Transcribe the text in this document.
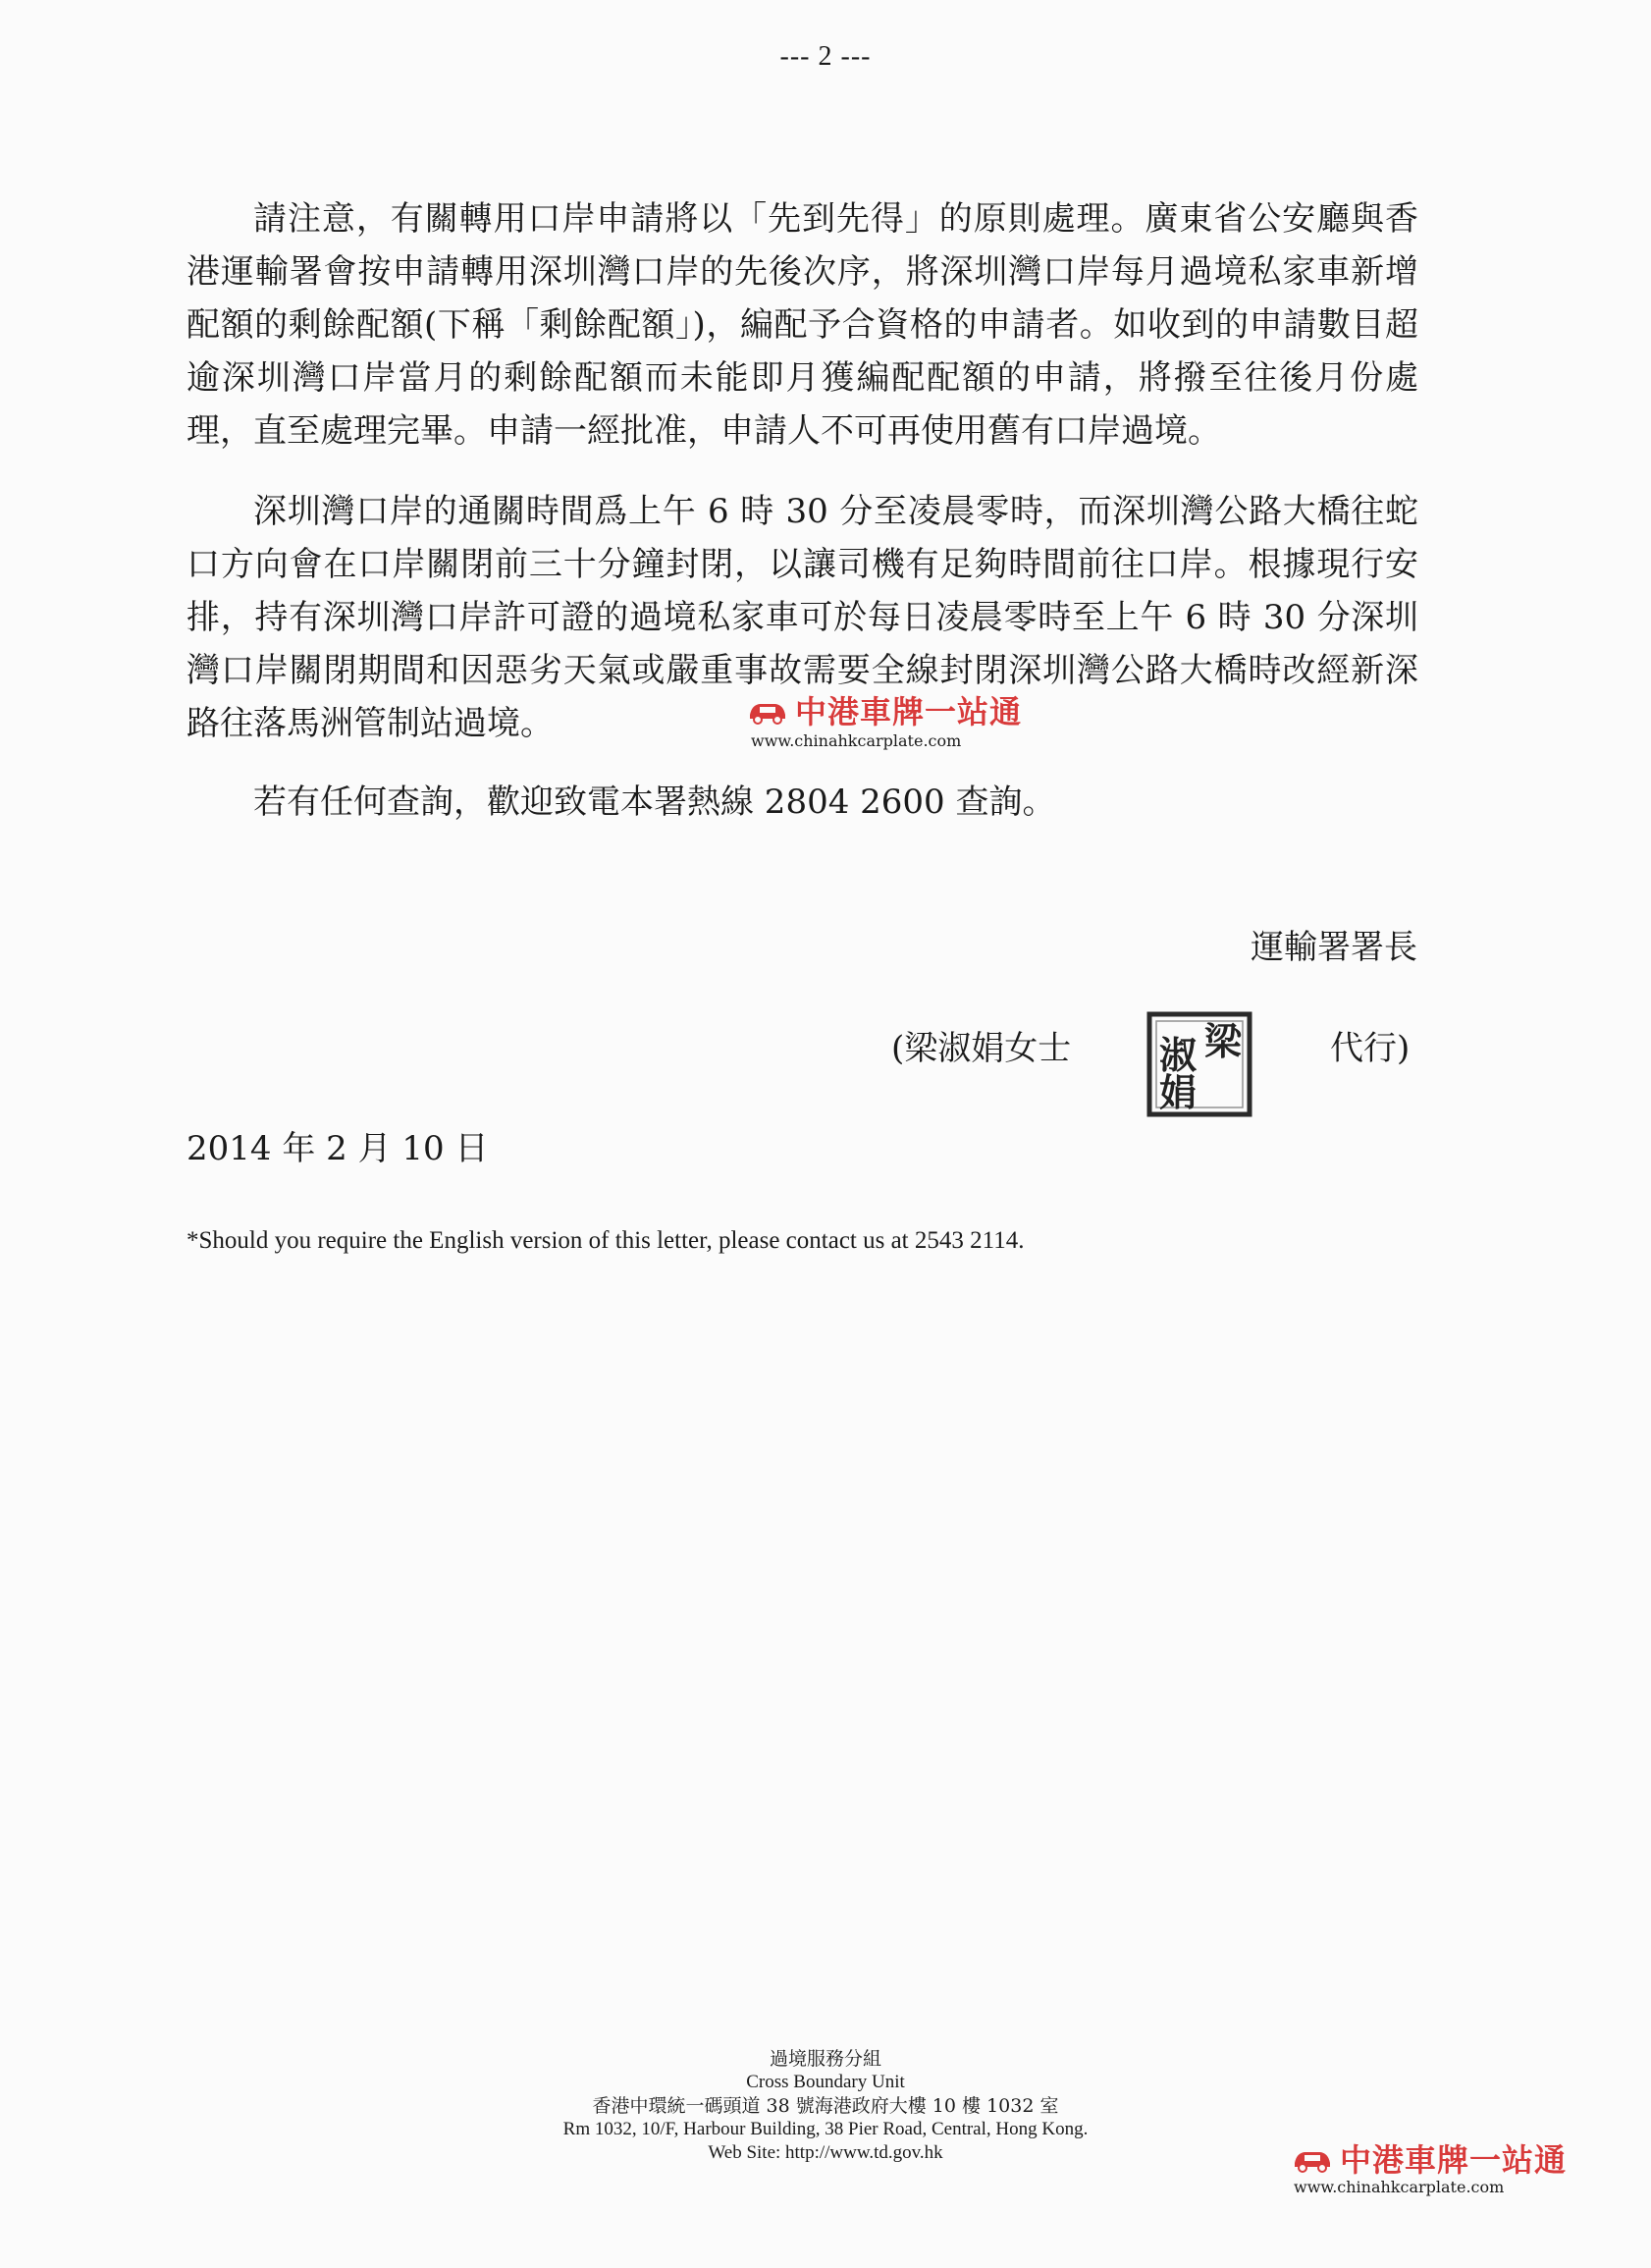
--- 2 ---

請注意，有關轉用口岸申請將以「先到先得」的原則處理。廣東省公安廳與香港運輸署會按申請轉用深圳灣口岸的先後次序，將深圳灣口岸每月過境私家車新增配額的剩餘配額(下稱「剩餘配額」)，編配予合資格的申請者。如收到的申請數目超逾深圳灣口岸當月的剩餘配額而未能即月獲編配配額的申請，將撥至往後月份處理，直至處理完畢。申請一經批准，申請人不可再使用舊有口岸過境。

深圳灣口岸的通關時間爲上午 6 時 30 分至凌晨零時，而深圳灣公路大橋往蛇口方向會在口岸關閉前三十分鐘封閉，以讓司機有足夠時間前往口岸。根據現行安排，持有深圳灣口岸許可證的過境私家車可於每日凌晨零時至上午 6 時 30 分深圳灣口岸關閉期間和因惡劣天氣或嚴重事故需要全線封閉深圳灣公路大橋時改經新深路往落馬洲管制站過境。

若有任何查詢，歡迎致電本署熱線 2804 2600 查詢。

中港車牌一站通
www.chinahkcarplate.com
運輸署署長
(梁淑娟女士	梁
淑
娟
代行)
2014 年 2 月 10 日
*Should you require the English version of this letter, please contact us at 2543 2114.
過境服務分組
Cross Boundary Unit
香港中環統一碼頭道 38 號海港政府大樓 10 樓 1032 室
Rm 1032, 10/F, Harbour Building, 38 Pier Road, Central, Hong Kong.
Web Site: http://www.td.gov.hk	中港車牌一站通
www.chinahkcarplate.com
